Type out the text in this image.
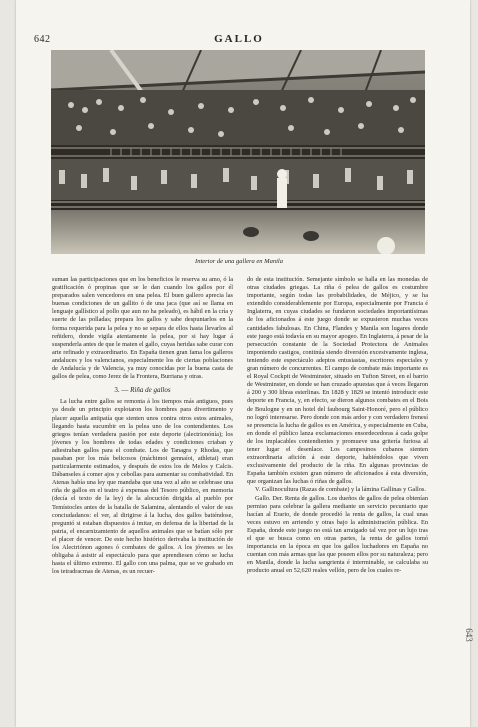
642	GALLO
Interior de una gallera en Manila

suman las participaciones que en los beneficios le reserva su amo, ó la gratificación ó propinas que se le dan cuando los gallos por él preparados salen vencedores en una pelea. El buen gallero aprecia las buenas condiciones de un gallito ó de una jaca (que así se llama en lenguaje gallístico al pollo que aun no ha peleado), es hábil en la cría y suerte de las polladas; prepara los gallos y sabe despuntarlos en la forma requerida para la pelea y no se separa de ellos hasta llevarlos al reñidero, donde vigila atentamente la pelea, por si hay lugar á suspenderla antes de que le maten el gallo, cuyas heridas sabe curar con arte refinado y extraordinario. En España tienen gran fama los galleros andaluces y los valencianos, especialmente los de ciertas poblaciones de Andalucía y de Valencia, ya muy conocidas por la buena casta de gallos de pelea, como Jerez de la Frontera, Burriana y otras.

3. — Riña de gallos

La lucha entre gallos se remonta á los tiempos más antiguos, pues ya desde un principio explotaron los hombres para divertimento y placer aquella antipatía que sienten unos contra otros estos animales, llegando hasta sucumbir en la pelea uno de los contendientes. Los griegos tenían verdadera pasión por este deporte (alectrionónía); los jóvenes y los hombres de todas edades y condiciones criaban y adiestraban gallos para el combate. Los de Tanagra y Rhodas, que pasaban por los más belicosos (máchimoi gennaíoi, athletai) eran particularmente estimados, y después de estos los de Melos y Calcis. Dábanseles á comer ajos y cebollas para aumentar su combatividad. En Atenas había una ley que mandaba que una vez al año se celebrase una riña de gallos en el teatro á expensas del Tesoro público, en memoria (decía el texto de la ley) de la alocución dirigida al pueblo por Temístocles antes de la batalla de Salamina, alentando el valor de sus conciudadanos: el ver, al dirigirse á la lucha, dos gallos batiéndose, preguntó si estaban dispuestos á imitar, en defensa de la libertad de la patria, el encarnizamiento de aquellos animales que se batían sólo por el placer de vencer. De este hecho histórico derivaba la institución de los Alectriónon agones ó combates de gallos. A los jóvenes se les obligaba á asistir al espectáculo para que aprendiesen cómo se lucha hasta el último extremo. El gallo con una palma, que se ve grabado en los tetradracmas de Atenas, es un recuer-

do de esta institución. Semejante símbolo se halla en las monedas de otras ciudades griegas. La riña ó pelea de gallos es costumbre importante, según todas las probabilidades, de Méjico, y se ha extendido considerablemente por Europa, especialmente por Francia é Inglaterra, en cuyas ciudades se fundaron sociedades importantísimas de los aficionados á este juego donde se expusieron muchas veces cantidades fabulosas. En China, Flandes y Manila son lugares donde este juego está todavía en su mayor apogeo. En Inglaterra, á pesar de la persecución constante de la Sociedad Protectora de Animales imponiendo castigos, continúa siendo diversión excesivamente inglesa, teniendo este espectáculo adeptos entusiastas, escritores especiales y gran número de concurrentes. El campo de combate más importante es el Royal Cockpit de Westminster, situado en Tufton Street, en el barrio de Westminster, en donde se han cruzado apuestas que á veces llegaron á 200 y 300 libras esterlinas. En 1828 y 1829 se intentó introducir este deporte en Francia, y, en efecto, se dieron algunos combates en el Bois de Boulogne y en un hotel del faubourg Saint-Honoré, pero el público no logró interesarse. Pero donde con más ardor y con verdadero frenesí se presencia la lucha de gallos es en América, y especialmente en Cuba, en donde el público lanza exclamaciones ensordecedoras á cada golpe de los implacables contendientes y promueve una gritería furiosa al tener lugar el desenlace. Los campesinos cubanos sienten extraordinaria afición á este deporte, habiéndolos que viven exclusivamente del producto de la riña. En algunas provincias de España también existen gran número de aficionados á esta diversión, que organizan las luchas ó riñas de gallos.

V. Gallinocultura (Razas de combate) y la lámina Gallinas y Gallos.

Gallo. Der. Renta de gallos. Los dueños de gallos de pelea obtenían permiso para celebrar la gallera mediante un servicio pecuniario que hacían al Erario, de donde procedió la renta de gallos, la cual unas veces estuvo en arriendo y otras bajo la administración pública. En España, donde este juego no está tan arraigado tal vez por un lujo tras el que se busca como en otras partes, la renta de gallos tomó importancia en la época en que los gallos luchadores en España no cuentan con más armas que las que poseen ellos por su naturaleza; pero en Manila, donde la lucha sangrienta é interminable, se calculaba su producto anual en 52,620 reales vellón, pero de los cuales re-

643
